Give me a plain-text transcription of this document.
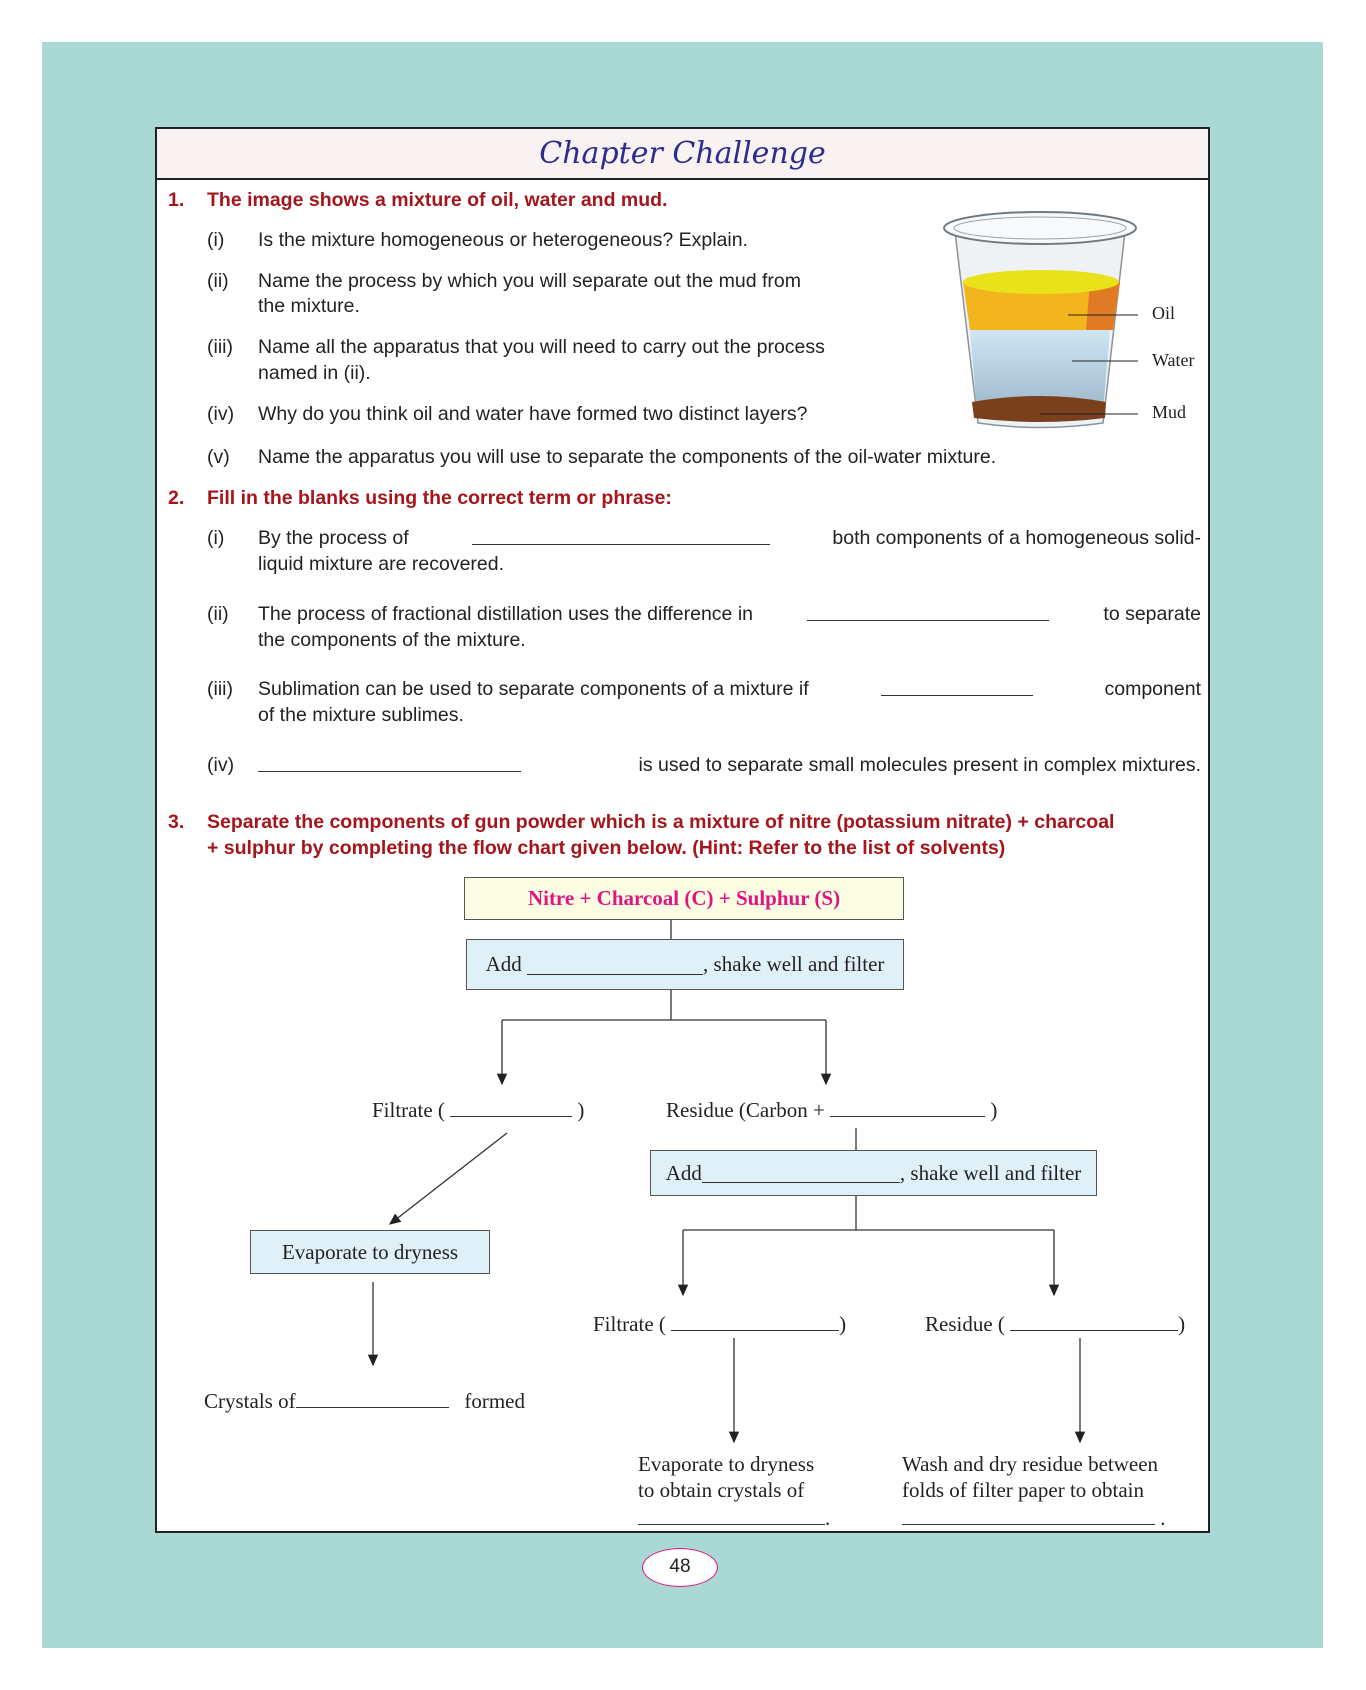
Chapter Challenge
1. The image shows a mixture of oil, water and mud.
(i) Is the mixture homogeneous or heterogeneous? Explain.
(ii) Name the process by which you will separate out the mud from
the mixture.
(iii) Name all the apparatus that you will need to carry out the process
named in (ii).
(iv) Why do you think oil and water have formed two distinct layers?
(v) Name the apparatus you will use to separate the components of the oil-water mixture.
Oil
Water
Mud
2. Fill in the blanks using the correct term or phrase:
(i) By the process of	both components of a homogeneous solid-
liquid mixture are recovered.
(ii) The process of fractional distillation uses the difference in	to separate
the components of the mixture.
(iii) Sublimation can be used to separate components of a mixture if	component
of the mixture sublimes.
(iv)	is used to separate small molecules present in complex mixtures.
3. Separate the components of gun powder which is a mixture of nitre (potassium nitrate) + charcoal
+ sulphur by completing the flow chart given below. (Hint: Refer to the list of solvents)
Nitre + Charcoal (C) + Sulphur (S)
Add
	, shake well and filter
Filtrate (	)	Residue (Carbon +	)
Add	, shake well and filter
Evaporate to dryness
Crystals of	formed
Filtrate (	)	Residue (	)
Evaporate to dryness
to obtain crystals of
.
Wash and dry residue between
folds of filter paper to obtain
.
48
